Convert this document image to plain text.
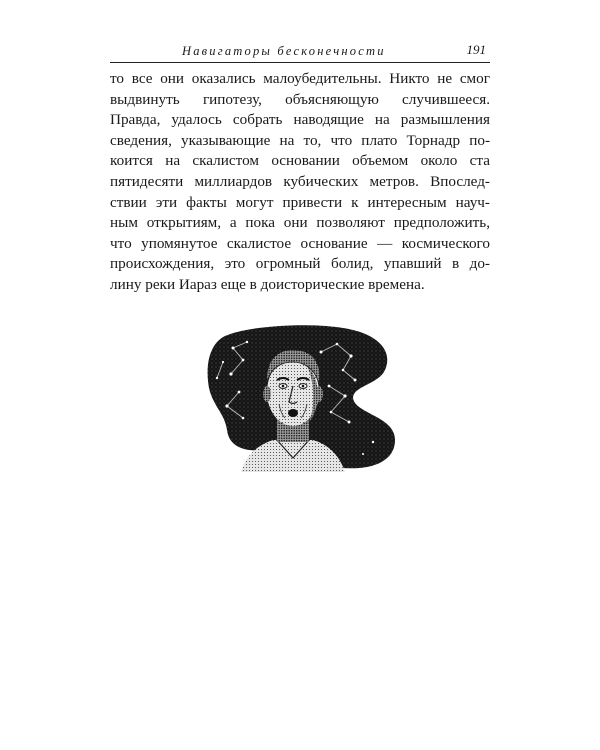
Навигаторы бесконечности	191
то все они оказались малоубедительны. Никто не смог
выдвинуть гипотезу, объясняющую случившееся.
Правда, удалось собрать наводящие на размышления
сведения, указывающие на то, что плато Торнадр по-
коится на скалистом основании объемом около ста
пятидесяти миллиардов кубических метров. Впослед-
ствии эти факты могут привести к интересным науч-
ным открытиям, а пока они позволяют предположить,
что упомянутое скалистое основание — космического
происхождения, это огромный болид, упавший в до-
лину реки Иараз еще в доисторические времена.
